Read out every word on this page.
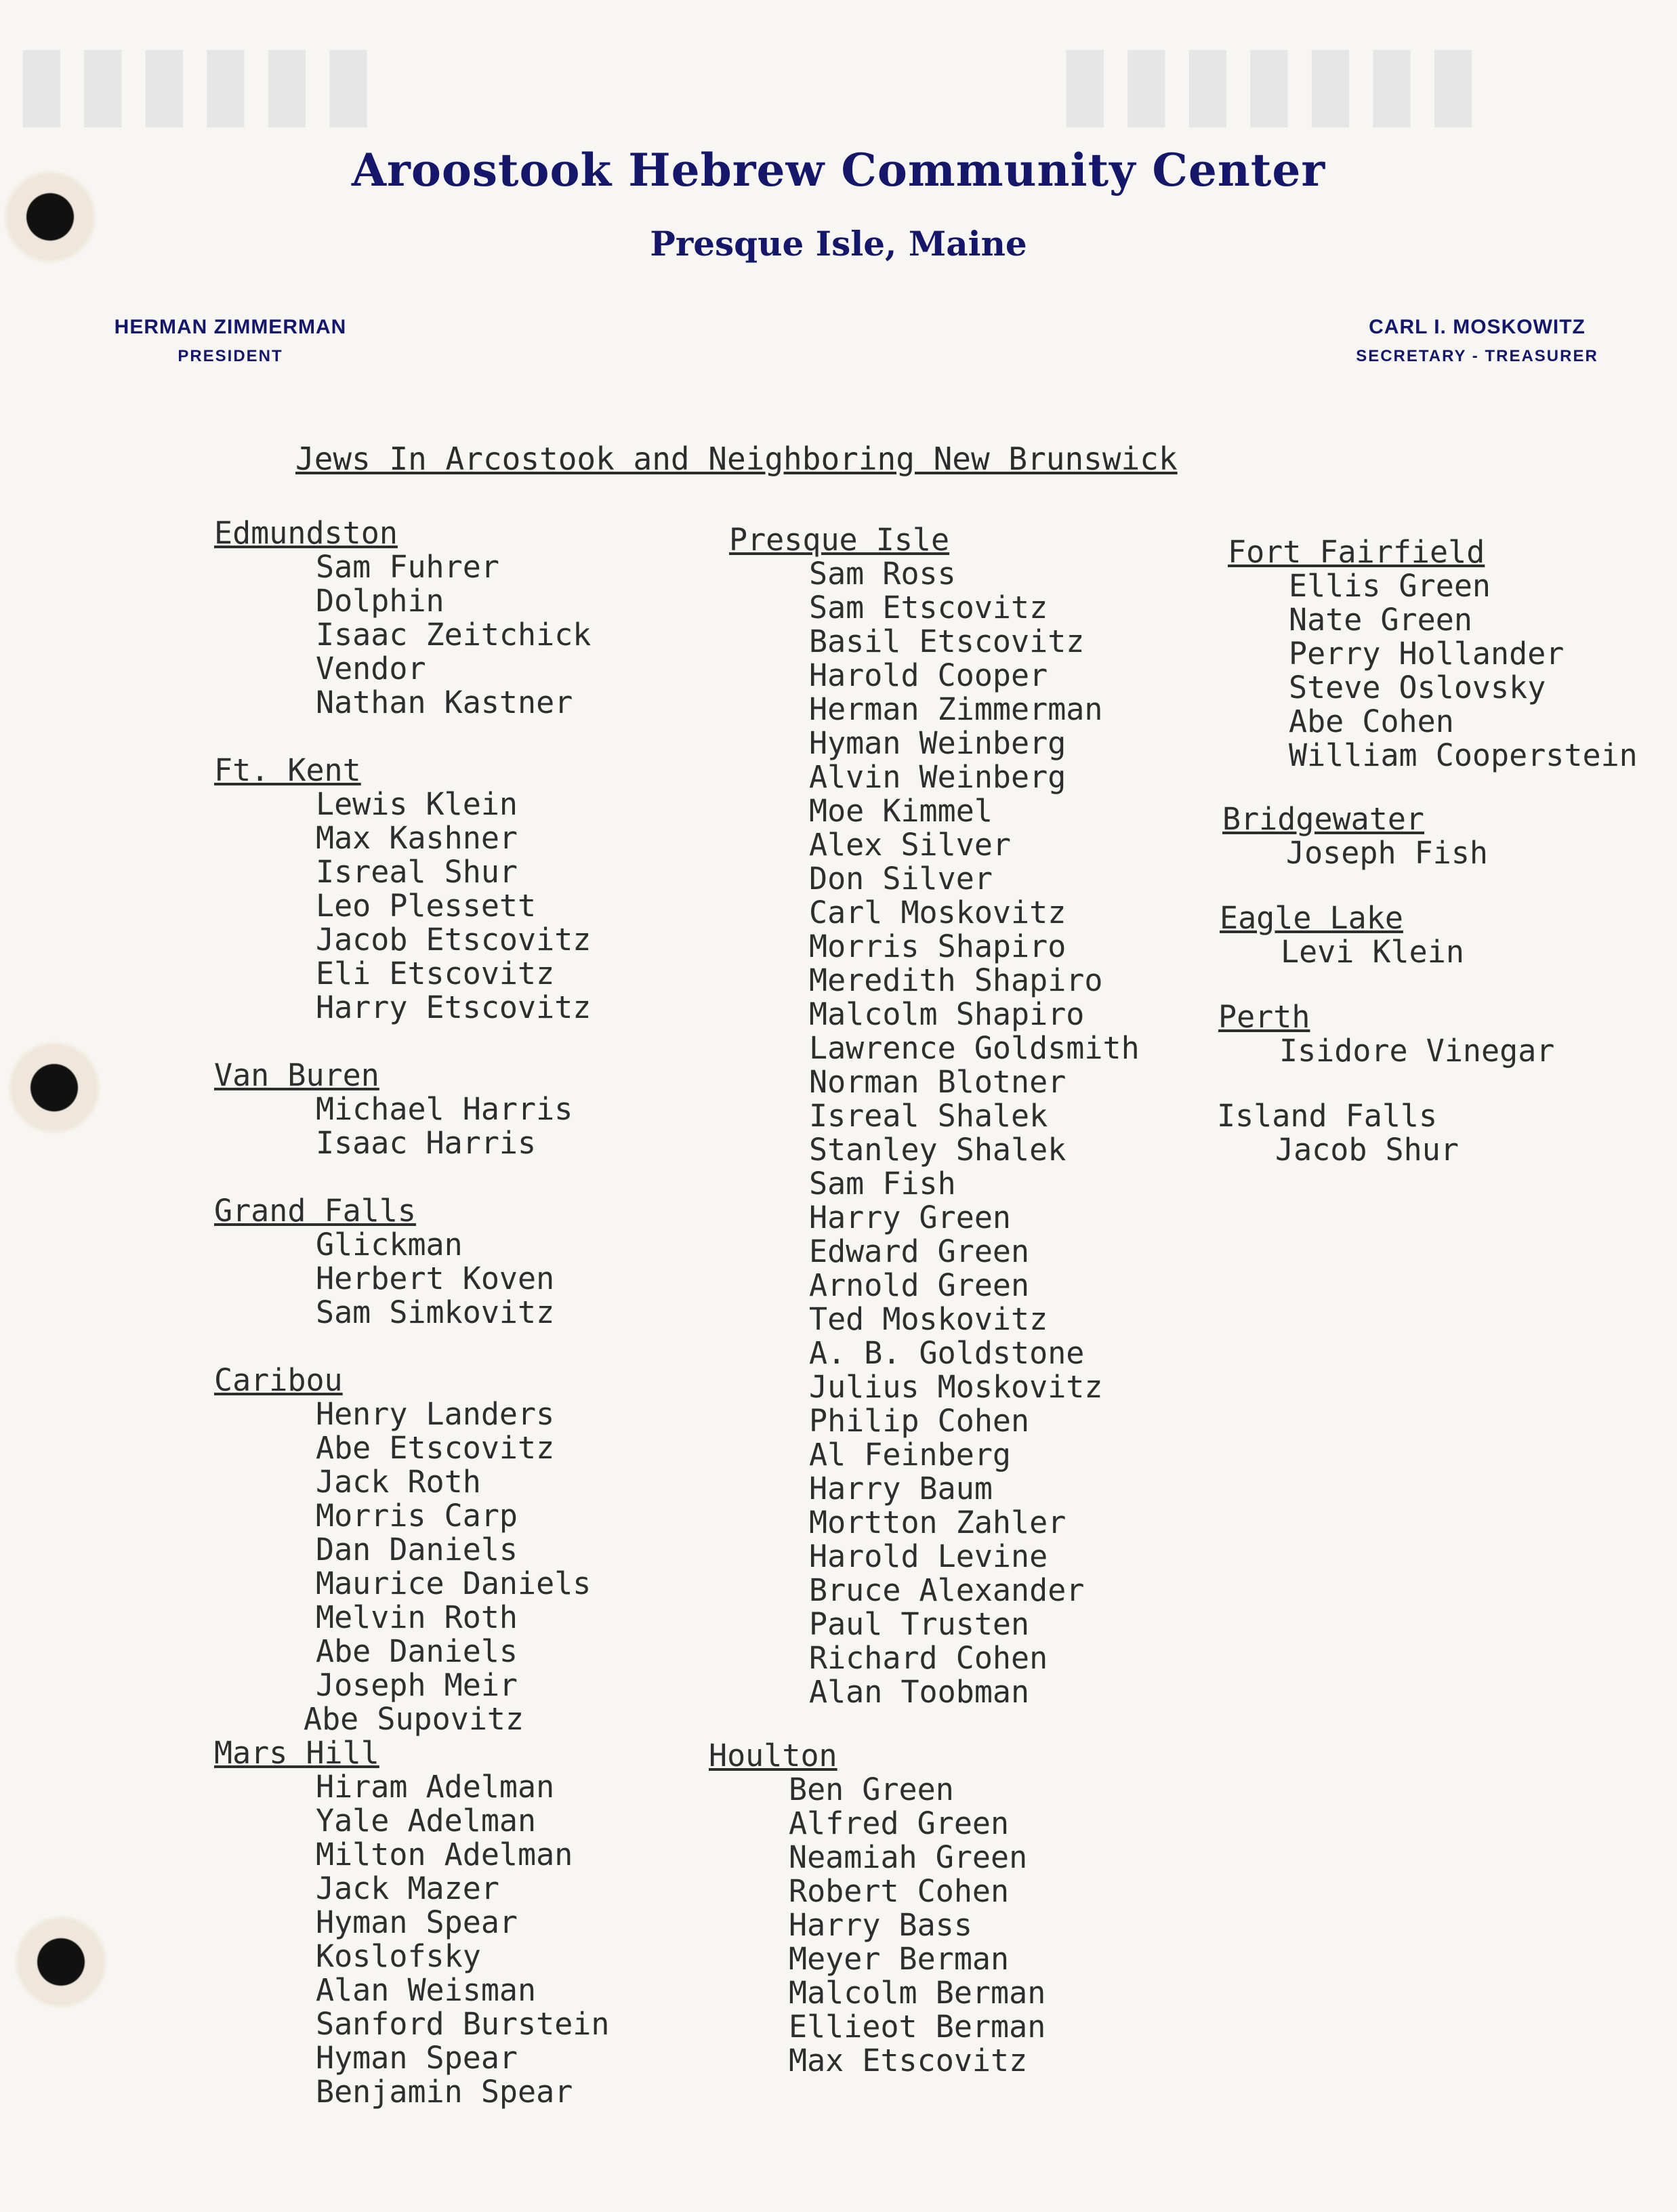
▮▮▮▮▮▮	▮▮▮▮▮▮▮
Aroostook Hebrew Community Center
Presque Isle, Maine
HERMAN ZIMMERMAN
PRESIDENT
CARL I. MOSKOWITZ
SECRETARY - TREASURER
Jews In Arcostook and Neighboring New Brunswick
Edmundston
Sam Fuhrer
Dolphin
Isaac Zeitchick
Vendor
Nathan Kastner
Ft. Kent
Lewis Klein
Max Kashner
Isreal Shur
Leo Plessett
Jacob Etscovitz
Eli Etscovitz
Harry Etscovitz
Van Buren
Michael Harris
Isaac Harris
Grand Falls
Glickman
Herbert Koven
Sam Simkovitz
Caribou
Henry Landers
Abe Etscovitz
Jack Roth
Morris Carp
Dan Daniels
Maurice Daniels
Melvin Roth
Abe Daniels
Joseph Meir
Abe Supovitz
Mars Hill
Hiram Adelman
Yale Adelman
Milton Adelman
Jack Mazer
Hyman Spear
Koslofsky
Alan Weisman
Sanford Burstein
Hyman Spear
Benjamin Spear
Presque Isle
Sam Ross
Sam Etscovitz
Basil Etscovitz
Harold Cooper
Herman Zimmerman
Hyman Weinberg
Alvin Weinberg
Moe Kimmel
Alex Silver
Don Silver
Carl Moskovitz
Morris Shapiro
Meredith Shapiro
Malcolm Shapiro
Lawrence Goldsmith
Norman Blotner
Isreal Shalek
Stanley Shalek
Sam Fish
Harry Green
Edward Green
Arnold Green
Ted Moskovitz
A. B. Goldstone
Julius Moskovitz
Philip Cohen
Al Feinberg
Harry Baum
Mortton Zahler
Harold Levine
Bruce Alexander
Paul Trusten
Richard Cohen
Alan Toobman
Houlton
Ben Green
Alfred Green
Neamiah Green
Robert Cohen
Harry Bass
Meyer Berman
Malcolm Berman
Ellieot Berman
Max Etscovitz
Fort Fairfield
Ellis Green
Nate Green
Perry Hollander
Steve Oslovsky
Abe Cohen
William Cooperstein
Bridgewater
Joseph Fish
Eagle Lake
Levi Klein
Perth
Isidore Vinegar
Island Falls
Jacob Shur
